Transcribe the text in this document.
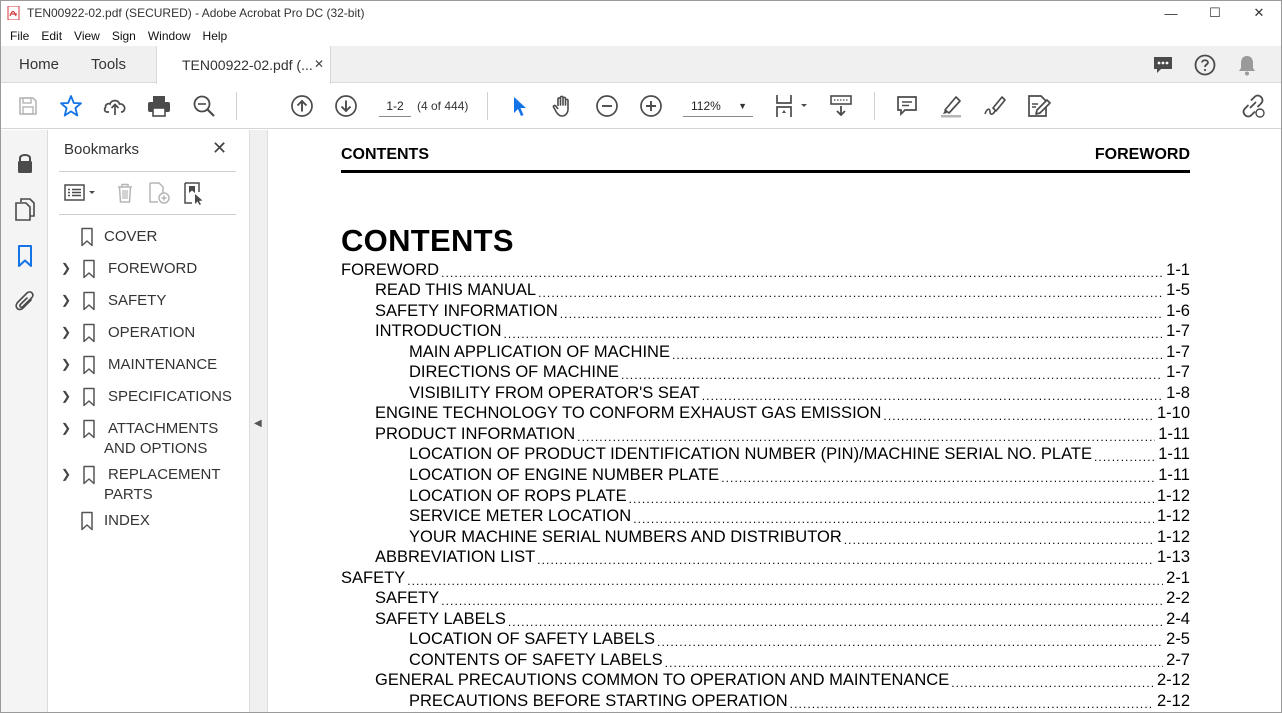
TEN00922-02.pdf (SECURED) - Adobe Acrobat Pro DC (32-bit)	—	☐	✕
File	Edit	View	Sign	Window	Help
Home Tools	TEN00922-02.pdf (... ✕
1-2	(4 of 444)	112% ▼
Bookmarks	✕
COVER
❯ FOREWORD
❯ SAFETY
❯ OPERATION
❯ MAINTENANCE
❯ SPECIFICATIONS
❯ ATTACHMENTS
AND OPTIONS
❯ REPLACEMENT
PARTS
INDEX
◀
CONTENTS	FOREWORD
CONTENTS
FOREWORD .....	1-1
READ THIS MANUAL .....	1-5
SAFETY INFORMATION .....	1-6
INTRODUCTION .....	1-7
MAIN APPLICATION OF MACHINE .....	1-7
DIRECTIONS OF MACHINE .....	1-7
VISIBILITY FROM OPERATOR'S SEAT .....	1-8
ENGINE TECHNOLOGY TO CONFORM EXHAUST GAS EMISSION .....	1-10
PRODUCT INFORMATION .....	1-11
LOCATION OF PRODUCT IDENTIFICATION NUMBER (PIN)/MACHINE SERIAL NO. PLATE .....	1-11
LOCATION OF ENGINE NUMBER PLATE .....	1-11
LOCATION OF ROPS PLATE .....	1-12
SERVICE METER LOCATION .....	1-12
YOUR MACHINE SERIAL NUMBERS AND DISTRIBUTOR .....	1-12
ABBREVIATION LIST .....	1-13
SAFETY .....	2-1
SAFETY .....	2-2
SAFETY LABELS .....	2-4
LOCATION OF SAFETY LABELS .....	2-5
CONTENTS OF SAFETY LABELS .....	2-7
GENERAL PRECAUTIONS COMMON TO OPERATION AND MAINTENANCE .....	2-12
PRECAUTIONS BEFORE STARTING OPERATION .....	2-12
